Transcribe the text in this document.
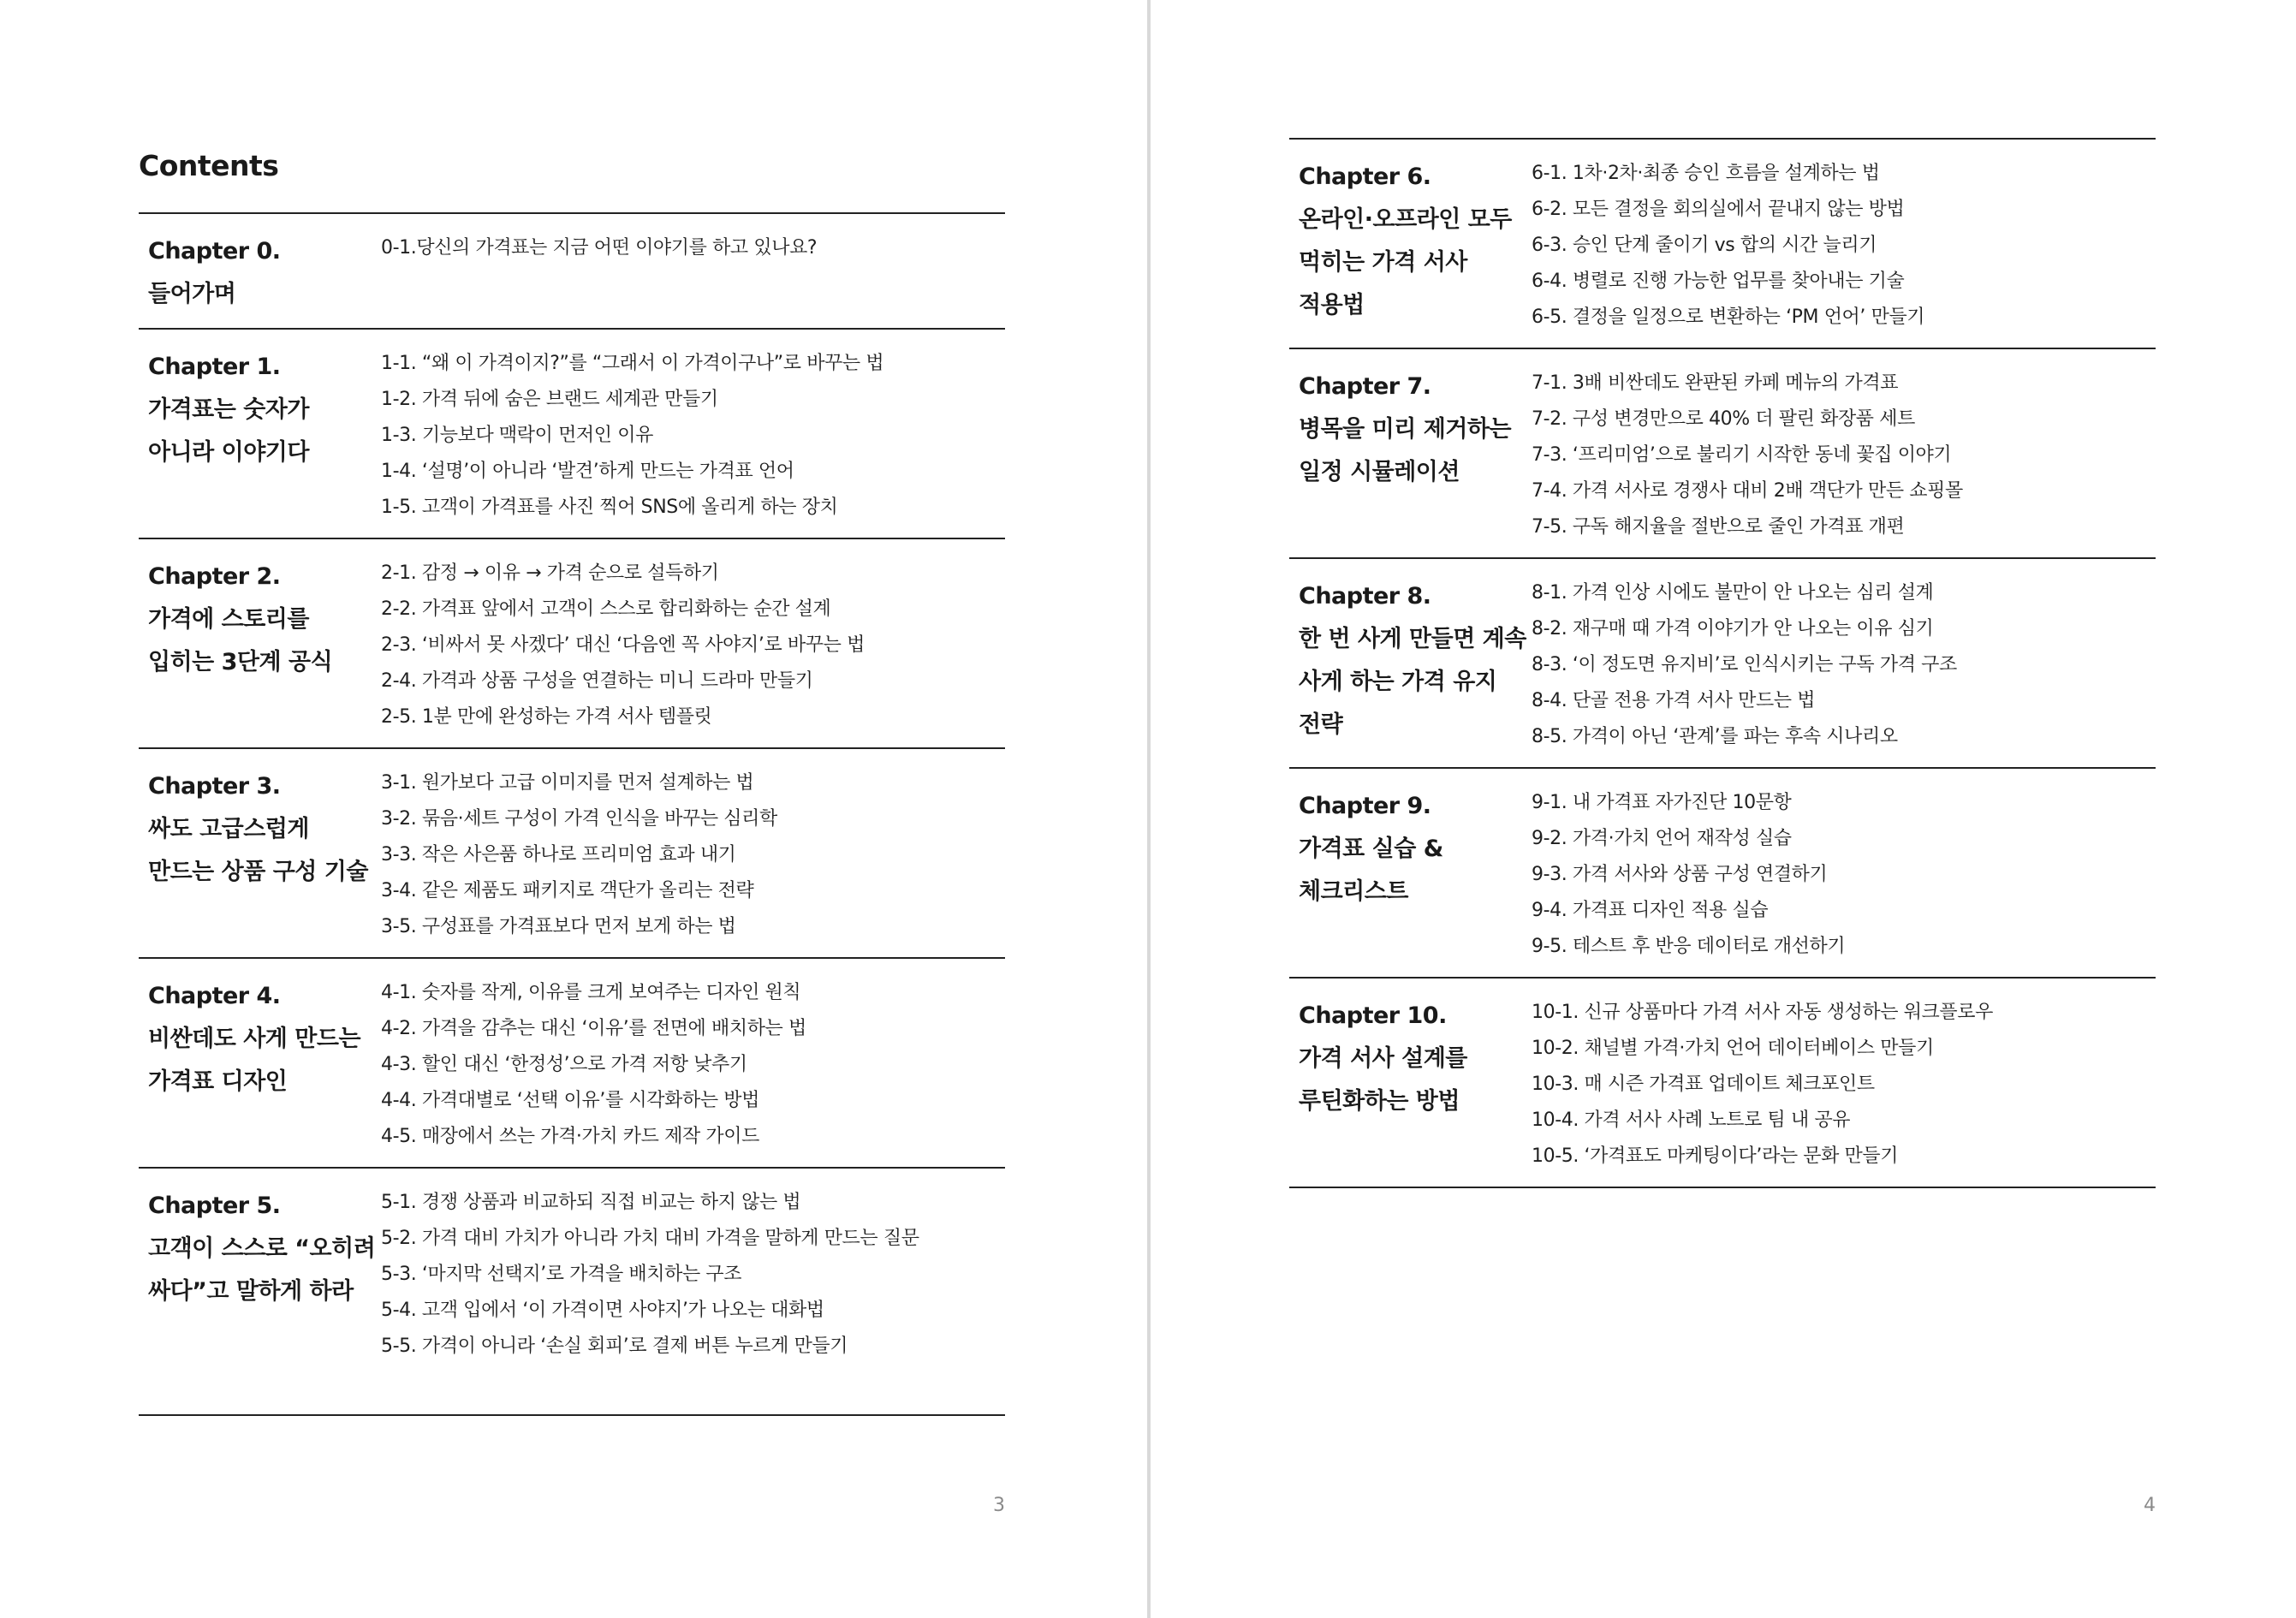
Contents
Chapter 0.
들어가며
0-1.당신의 가격표는 지금 어떤 이야기를 하고 있나요?
Chapter 1.
가격표는 숫자가
아니라 이야기다
1-1. “왜 이 가격이지?”를 “그래서 이 가격이구나”로 바꾸는 법
1-2. 가격 뒤에 숨은 브랜드 세계관 만들기
1-3. 기능보다 맥락이 먼저인 이유
1-4. ‘설명’이 아니라 ‘발견’하게 만드는 가격표 언어
1-5. 고객이 가격표를 사진 찍어 SNS에 올리게 하는 장치
Chapter 2.
가격에 스토리를
입히는 3단계 공식
2-1. 감정 → 이유 → 가격 순으로 설득하기
2-2. 가격표 앞에서 고객이 스스로 합리화하는 순간 설계
2-3. ‘비싸서 못 사겠다’ 대신 ‘다음엔 꼭 사야지’로 바꾸는 법
2-4. 가격과 상품 구성을 연결하는 미니 드라마 만들기
2-5. 1분 만에 완성하는 가격 서사 템플릿
Chapter 3.
싸도 고급스럽게
만드는 상품 구성 기술
3-1. 원가보다 고급 이미지를 먼저 설계하는 법
3-2. 묶음·세트 구성이 가격 인식을 바꾸는 심리학
3-3. 작은 사은품 하나로 프리미엄 효과 내기
3-4. 같은 제품도 패키지로 객단가 올리는 전략
3-5. 구성표를 가격표보다 먼저 보게 하는 법
Chapter 4.
비싼데도 사게 만드는
가격표 디자인
4-1. 숫자를 작게, 이유를 크게 보여주는 디자인 원칙
4-2. 가격을 감추는 대신 ‘이유’를 전면에 배치하는 법
4-3. 할인 대신 ‘한정성’으로 가격 저항 낮추기
4-4. 가격대별로 ‘선택 이유’를 시각화하는 방법
4-5. 매장에서 쓰는 가격·가치 카드 제작 가이드
Chapter 5.
고객이 스스로 “오히려
싸다”고 말하게 하라
5-1. 경쟁 상품과 비교하되 직접 비교는 하지 않는 법
5-2. 가격 대비 가치가 아니라 가치 대비 가격을 말하게 만드는 질문
5-3. ‘마지막 선택지’로 가격을 배치하는 구조
5-4. 고객 입에서 ‘이 가격이면 사야지’가 나오는 대화법
5-5. 가격이 아니라 ‘손실 회피’로 결제 버튼 누르게 만들기
3
Chapter 6.
온라인·오프라인 모두
먹히는 가격 서사
적용법
6-1. 1차·2차·최종 승인 흐름을 설계하는 법
6-2. 모든 결정을 회의실에서 끝내지 않는 방법
6-3. 승인 단계 줄이기 vs 합의 시간 늘리기
6-4. 병렬로 진행 가능한 업무를 찾아내는 기술
6-5. 결정을 일정으로 변환하는 ‘PM 언어’ 만들기
Chapter 7.
병목을 미리 제거하는
일정 시뮬레이션
7-1. 3배 비싼데도 완판된 카페 메뉴의 가격표
7-2. 구성 변경만으로 40% 더 팔린 화장품 세트
7-3. ‘프리미엄’으로 불리기 시작한 동네 꽃집 이야기
7-4. 가격 서사로 경쟁사 대비 2배 객단가 만든 쇼핑몰
7-5. 구독 해지율을 절반으로 줄인 가격표 개편
Chapter 8.
한 번 사게 만들면 계속
사게 하는 가격 유지
전략
8-1. 가격 인상 시에도 불만이 안 나오는 심리 설계
8-2. 재구매 때 가격 이야기가 안 나오는 이유 심기
8-3. ‘이 정도면 유지비’로 인식시키는 구독 가격 구조
8-4. 단골 전용 가격 서사 만드는 법
8-5. 가격이 아닌 ‘관계’를 파는 후속 시나리오
Chapter 9.
가격표 실습 &
체크리스트
9-1. 내 가격표 자가진단 10문항
9-2. 가격·가치 언어 재작성 실습
9-3. 가격 서사와 상품 구성 연결하기
9-4. 가격표 디자인 적용 실습
9-5. 테스트 후 반응 데이터로 개선하기
Chapter 10.
가격 서사 설계를
루틴화하는 방법
10-1. 신규 상품마다 가격 서사 자동 생성하는 워크플로우
10-2. 채널별 가격·가치 언어 데이터베이스 만들기
10-3. 매 시즌 가격표 업데이트 체크포인트
10-4. 가격 서사 사례 노트로 팀 내 공유
10-5. ‘가격표도 마케팅이다’라는 문화 만들기
4
